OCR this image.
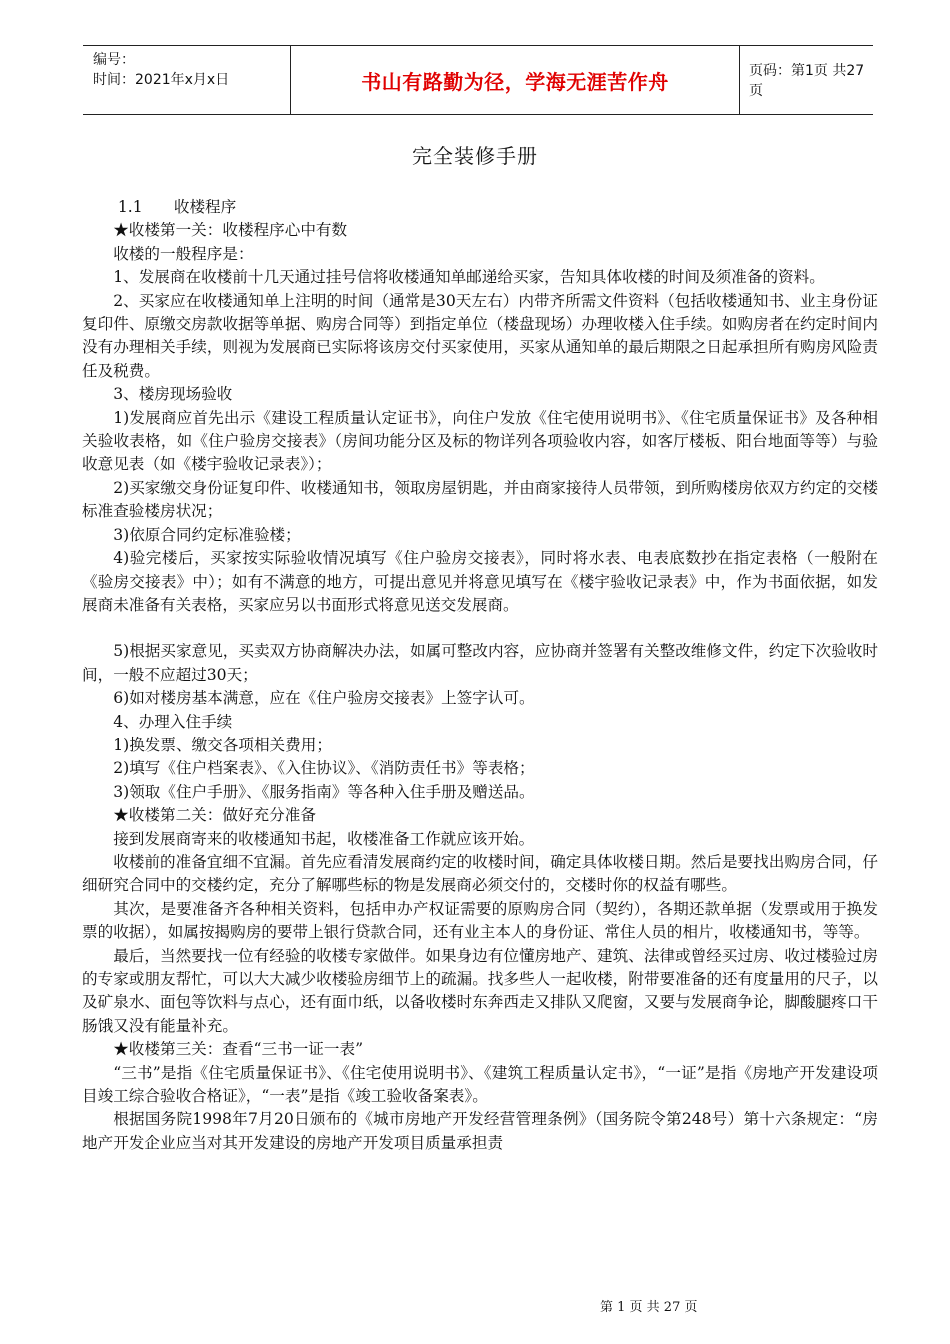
编号：
时间：2021年x月x日	书山有路勤为径，学海无涯苦作舟	页码：第1页 共27页
完全装修手册

1.1　　收楼程序

★收楼第一关：收楼程序心中有数

收楼的一般程序是：

1、发展商在收楼前十几天通过挂号信将收楼通知单邮递给买家，告知具体收楼的时间及须准备的资料。

2、买家应在收楼通知单上注明的时间（通常是30天左右）内带齐所需文件资料（包括收楼通知书、业主身份证复印件、原缴交房款收据等单据、购房合同等）到指定单位（楼盘现场）办理收楼入住手续。如购房者在约定时间内没有办理相关手续，则视为发展商已实际将该房交付买家使用，买家从通知单的最后期限之日起承担所有购房风险责任及税费。

3、楼房现场验收

1)发展商应首先出示《建设工程质量认定证书》，向住户发放《住宅使用说明书》、《住宅质量保证书》及各种相关验收表格，如《住户验房交接表》（房间功能分区及标的物详列各项验收内容，如客厅楼板、阳台地面等等）与验收意见表（如《楼宇验收记录表》）；

2)买家缴交身份证复印件、收楼通知书，领取房屋钥匙，并由商家接待人员带领，到所购楼房依双方约定的交楼标准查验楼房状况；

3)依原合同约定标准验楼；

4)验完楼后，买家按实际验收情况填写《住户验房交接表》，同时将水表、电表底数抄在指定表格（一般附在《验房交接表》中）；如有不满意的地方，可提出意见并将意见填写在《楼宇验收记录表》中，作为书面依据，如发展商未准备有关表格，买家应另以书面形式将意见送交发展商。

5)根据买家意见，买卖双方协商解决办法，如属可整改内容，应协商并签署有关整改维修文件，约定下次验收时间，一般不应超过30天；

6)如对楼房基本满意，应在《住户验房交接表》上签字认可。

4、办理入住手续

1)换发票、缴交各项相关费用；

2)填写《住户档案表》、《入住协议》、《消防责任书》等表格；

3)领取《住户手册》、《服务指南》等各种入住手册及赠送品。

★收楼第二关：做好充分准备

接到发展商寄来的收楼通知书起，收楼准备工作就应该开始。

收楼前的准备宜细不宜漏。首先应看清发展商约定的收楼时间，确定具体收楼日期。然后是要找出购房合同，仔细研究合同中的交楼约定，充分了解哪些标的物是发展商必须交付的，交楼时你的权益有哪些。

其次，是要准备齐各种相关资料，包括申办产权证需要的原购房合同（契约），各期还款单据（发票或用于换发票的收据），如属按揭购房的要带上银行贷款合同，还有业主本人的身份证、常住人员的相片，收楼通知书，等等。

最后，当然要找一位有经验的收楼专家做伴。如果身边有位懂房地产、建筑、法律或曾经买过房、收过楼验过房的专家或朋友帮忙，可以大大减少收楼验房细节上的疏漏。找多些人一起收楼，附带要准备的还有度量用的尺子，以及矿泉水、面包等饮料与点心，还有面巾纸，以备收楼时东奔西走又排队又爬窗，又要与发展商争论，脚酸腿疼口干肠饿又没有能量补充。

★收楼第三关：查看“三书一证一表”

“三书”是指《住宅质量保证书》、《住宅使用说明书》、《建筑工程质量认定书》，“一证”是指《房地产开发建设项目竣工综合验收合格证》，“一表”是指《竣工验收备案表》。

根据国务院1998年7月20日颁布的《城市房地产开发经营管理条例》（国务院令第248号）第十六条规定：“房地产开发企业应当对其开发建设的房地产开发项目质量承担责

第 1 页 共 27 页
